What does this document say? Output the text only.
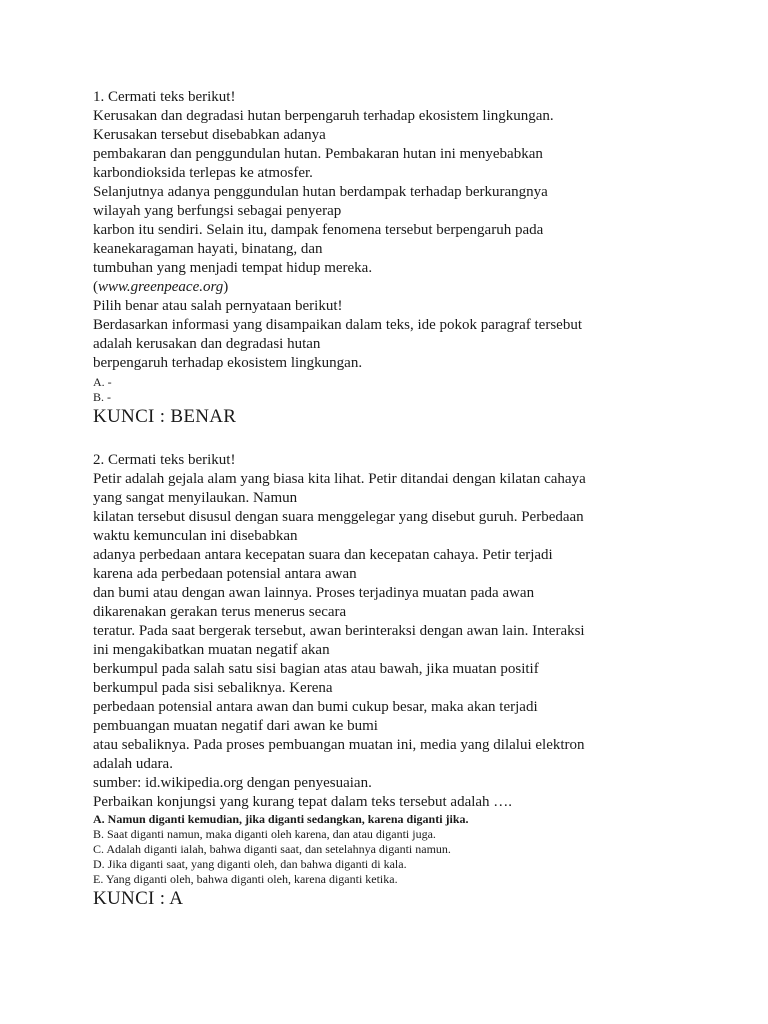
1. Cermati teks berikut!

Kerusakan dan degradasi hutan berpengaruh terhadap ekosistem lingkungan.

Kerusakan tersebut disebabkan adanya

pembakaran dan penggundulan hutan. Pembakaran hutan ini menyebabkan

karbondioksida terlepas ke atmosfer.

Selanjutnya adanya penggundulan hutan berdampak terhadap berkurangnya

wilayah yang berfungsi sebagai penyerap

karbon itu sendiri. Selain itu, dampak fenomena tersebut berpengaruh pada

keanekaragaman hayati, binatang, dan

tumbuhan yang menjadi tempat hidup mereka.

(www.greenpeace.org)

Pilih benar atau salah pernyataan berikut!

Berdasarkan informasi yang disampaikan dalam teks, ide pokok paragraf tersebut

adalah kerusakan dan degradasi hutan

berpengaruh terhadap ekosistem lingkungan.

A. -

B. -

KUNCI : BENAR

2. Cermati teks berikut!

Petir adalah gejala alam yang biasa kita lihat. Petir ditandai dengan kilatan cahaya

yang sangat menyilaukan. Namun

kilatan tersebut disusul dengan suara menggelegar yang disebut guruh. Perbedaan

waktu kemunculan ini disebabkan

adanya perbedaan antara kecepatan suara dan kecepatan cahaya. Petir terjadi

karena ada perbedaan potensial antara awan

dan bumi atau dengan awan lainnya. Proses terjadinya muatan pada awan

dikarenakan gerakan terus menerus secara

teratur. Pada saat bergerak tersebut, awan berinteraksi dengan awan lain. Interaksi

ini mengakibatkan muatan negatif akan

berkumpul pada salah satu sisi bagian atas atau bawah, jika muatan positif

berkumpul pada sisi sebaliknya. Kerena

perbedaan potensial antara awan dan bumi cukup besar, maka akan terjadi

pembuangan muatan negatif dari awan ke bumi

atau sebaliknya. Pada proses pembuangan muatan ini, media yang dilalui elektron

adalah udara.

sumber: id.wikipedia.org dengan penyesuaian.

Perbaikan konjungsi yang kurang tepat dalam teks tersebut adalah ….

A. Namun diganti kemudian, jika diganti sedangkan, karena diganti jika.

B. Saat diganti namun, maka diganti oleh karena, dan atau diganti juga.

C. Adalah diganti ialah, bahwa diganti saat, dan setelahnya diganti namun.

D. Jika diganti saat, yang diganti oleh, dan bahwa diganti di kala.

E. Yang diganti oleh, bahwa diganti oleh, karena diganti ketika.

KUNCI : A
